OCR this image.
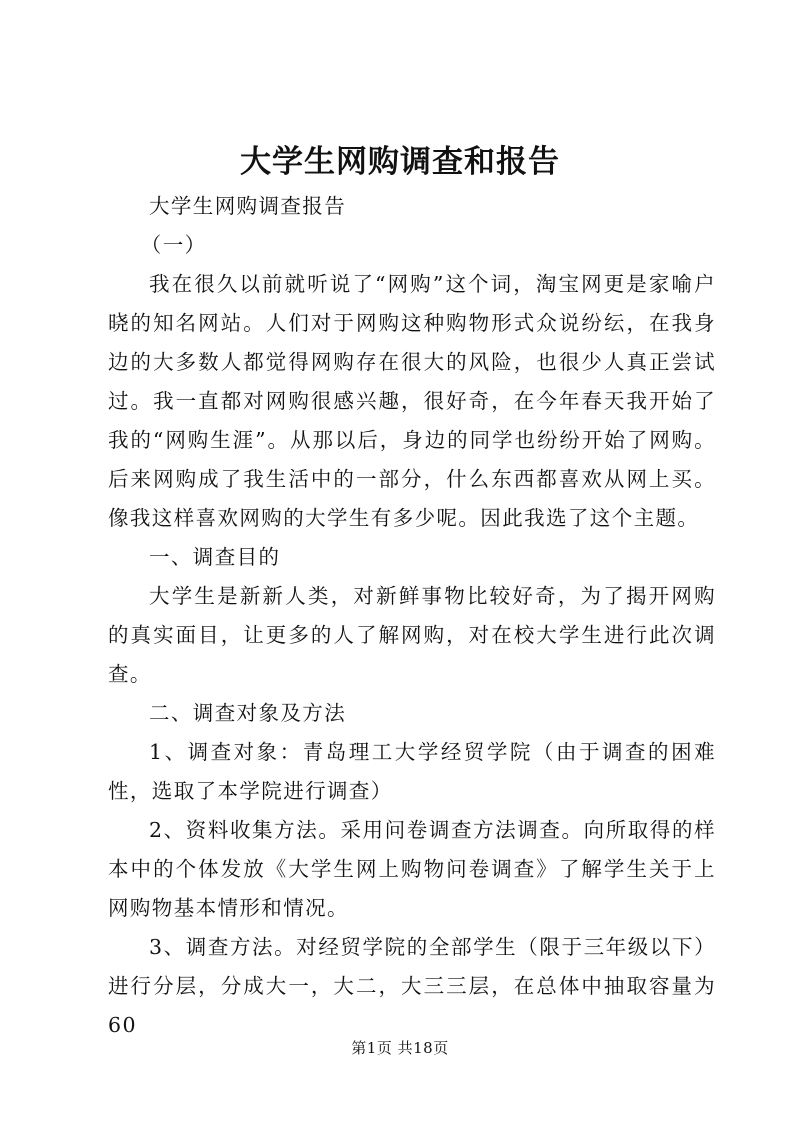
大学生网购调查和报告

大学生网购调查报告

（一）

我在很久以前就听说了“网购”这个词，淘宝网更是家喻户晓的知名网站。人们对于网购这种购物形式众说纷纭，在我身边的大多数人都觉得网购存在很大的风险，也很少人真正尝试过。我一直都对网购很感兴趣，很好奇，在今年春天我开始了我的“网购生涯”。从那以后，身边的同学也纷纷开始了网购。后来网购成了我生活中的一部分，什么东西都喜欢从网上买。像我这样喜欢网购的大学生有多少呢。因此我选了这个主题。

一、调查目的

大学生是新新人类，对新鲜事物比较好奇，为了揭开网购的真实面目，让更多的人了解网购，对在校大学生进行此次调查。

二、调查对象及方法

1、调查对象：青岛理工大学经贸学院（由于调查的困难性，选取了本学院进行调查）

2、资料收集方法。采用问卷调查方法调查。向所取得的样本中的个体发放《大学生网上购物问卷调查》了解学生关于上网购物基本情形和情况。

3、调查方法。对经贸学院的全部学生（限于三年级以下）进行分层，分成大一，大二，大三三层，在总体中抽取容量为60

第1页 共18页
